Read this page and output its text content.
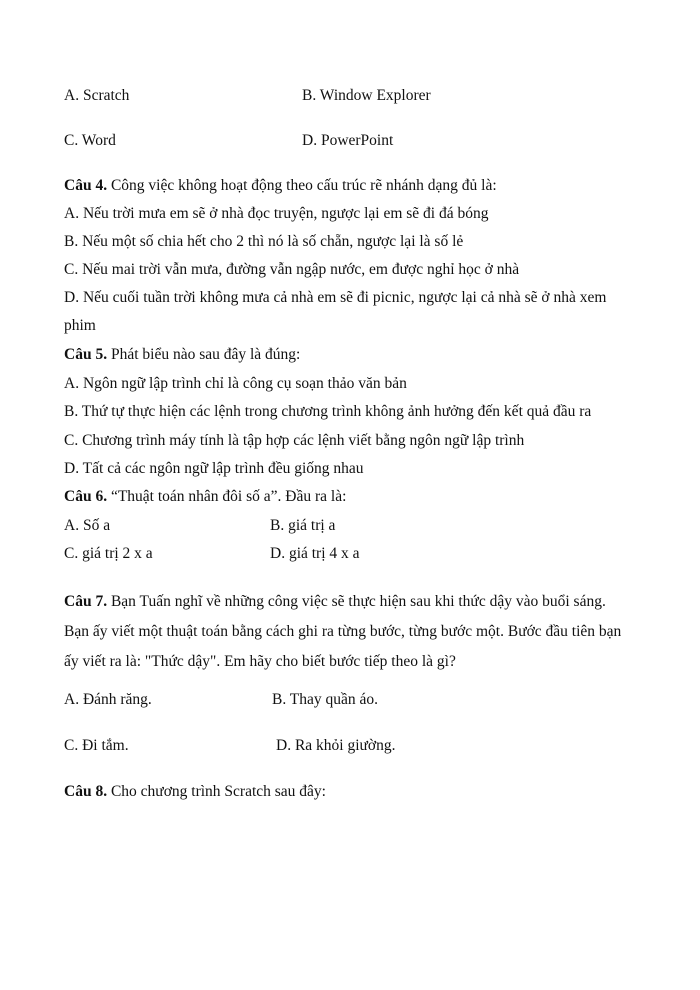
A. Scratch	B. Window Explorer
C. Word	D. PowerPoint
Câu 4. Công việc không hoạt động theo cấu trúc rẽ nhánh dạng đủ là:
A. Nếu trời mưa em sẽ ở nhà đọc truyện, ngược lại em sẽ đi đá bóng
B. Nếu một số chia hết cho 2 thì nó là số chẵn, ngược lại là số lẻ
C. Nếu mai trời vẫn mưa, đường vẫn ngập nước, em được nghỉ học ở nhà
D. Nếu cuối tuần trời không mưa cả nhà em sẽ đi picnic, ngược lại cả nhà sẽ ở nhà xem
phim
Câu 5. Phát biểu nào sau đây là đúng:
A. Ngôn ngữ lập trình chỉ là công cụ soạn thảo văn bản
B. Thứ tự thực hiện các lệnh trong chương trình không ảnh hưởng đến kết quả đầu ra
C. Chương trình máy tính là tập hợp các lệnh viết bằng ngôn ngữ lập trình
D. Tất cả các ngôn ngữ lập trình đều giống nhau
Câu 6. “Thuật toán nhân đôi số a”. Đầu ra là:
A. Số a	B. giá trị a
C. giá trị 2 x a	D. giá trị 4 x a
Câu 7. Bạn Tuấn nghĩ về những công việc sẽ thực hiện sau khi thức dậy vào buổi sáng.
Bạn ấy viết một thuật toán bằng cách ghi ra từng bước, từng bước một. Bước đầu tiên bạn
ấy viết ra là: "Thức dậy". Em hãy cho biết bước tiếp theo là gì?
A. Đánh răng.	B. Thay quần áo.
C. Đi tắm.	D. Ra khỏi giường.
Câu 8. Cho chương trình Scratch sau đây:
